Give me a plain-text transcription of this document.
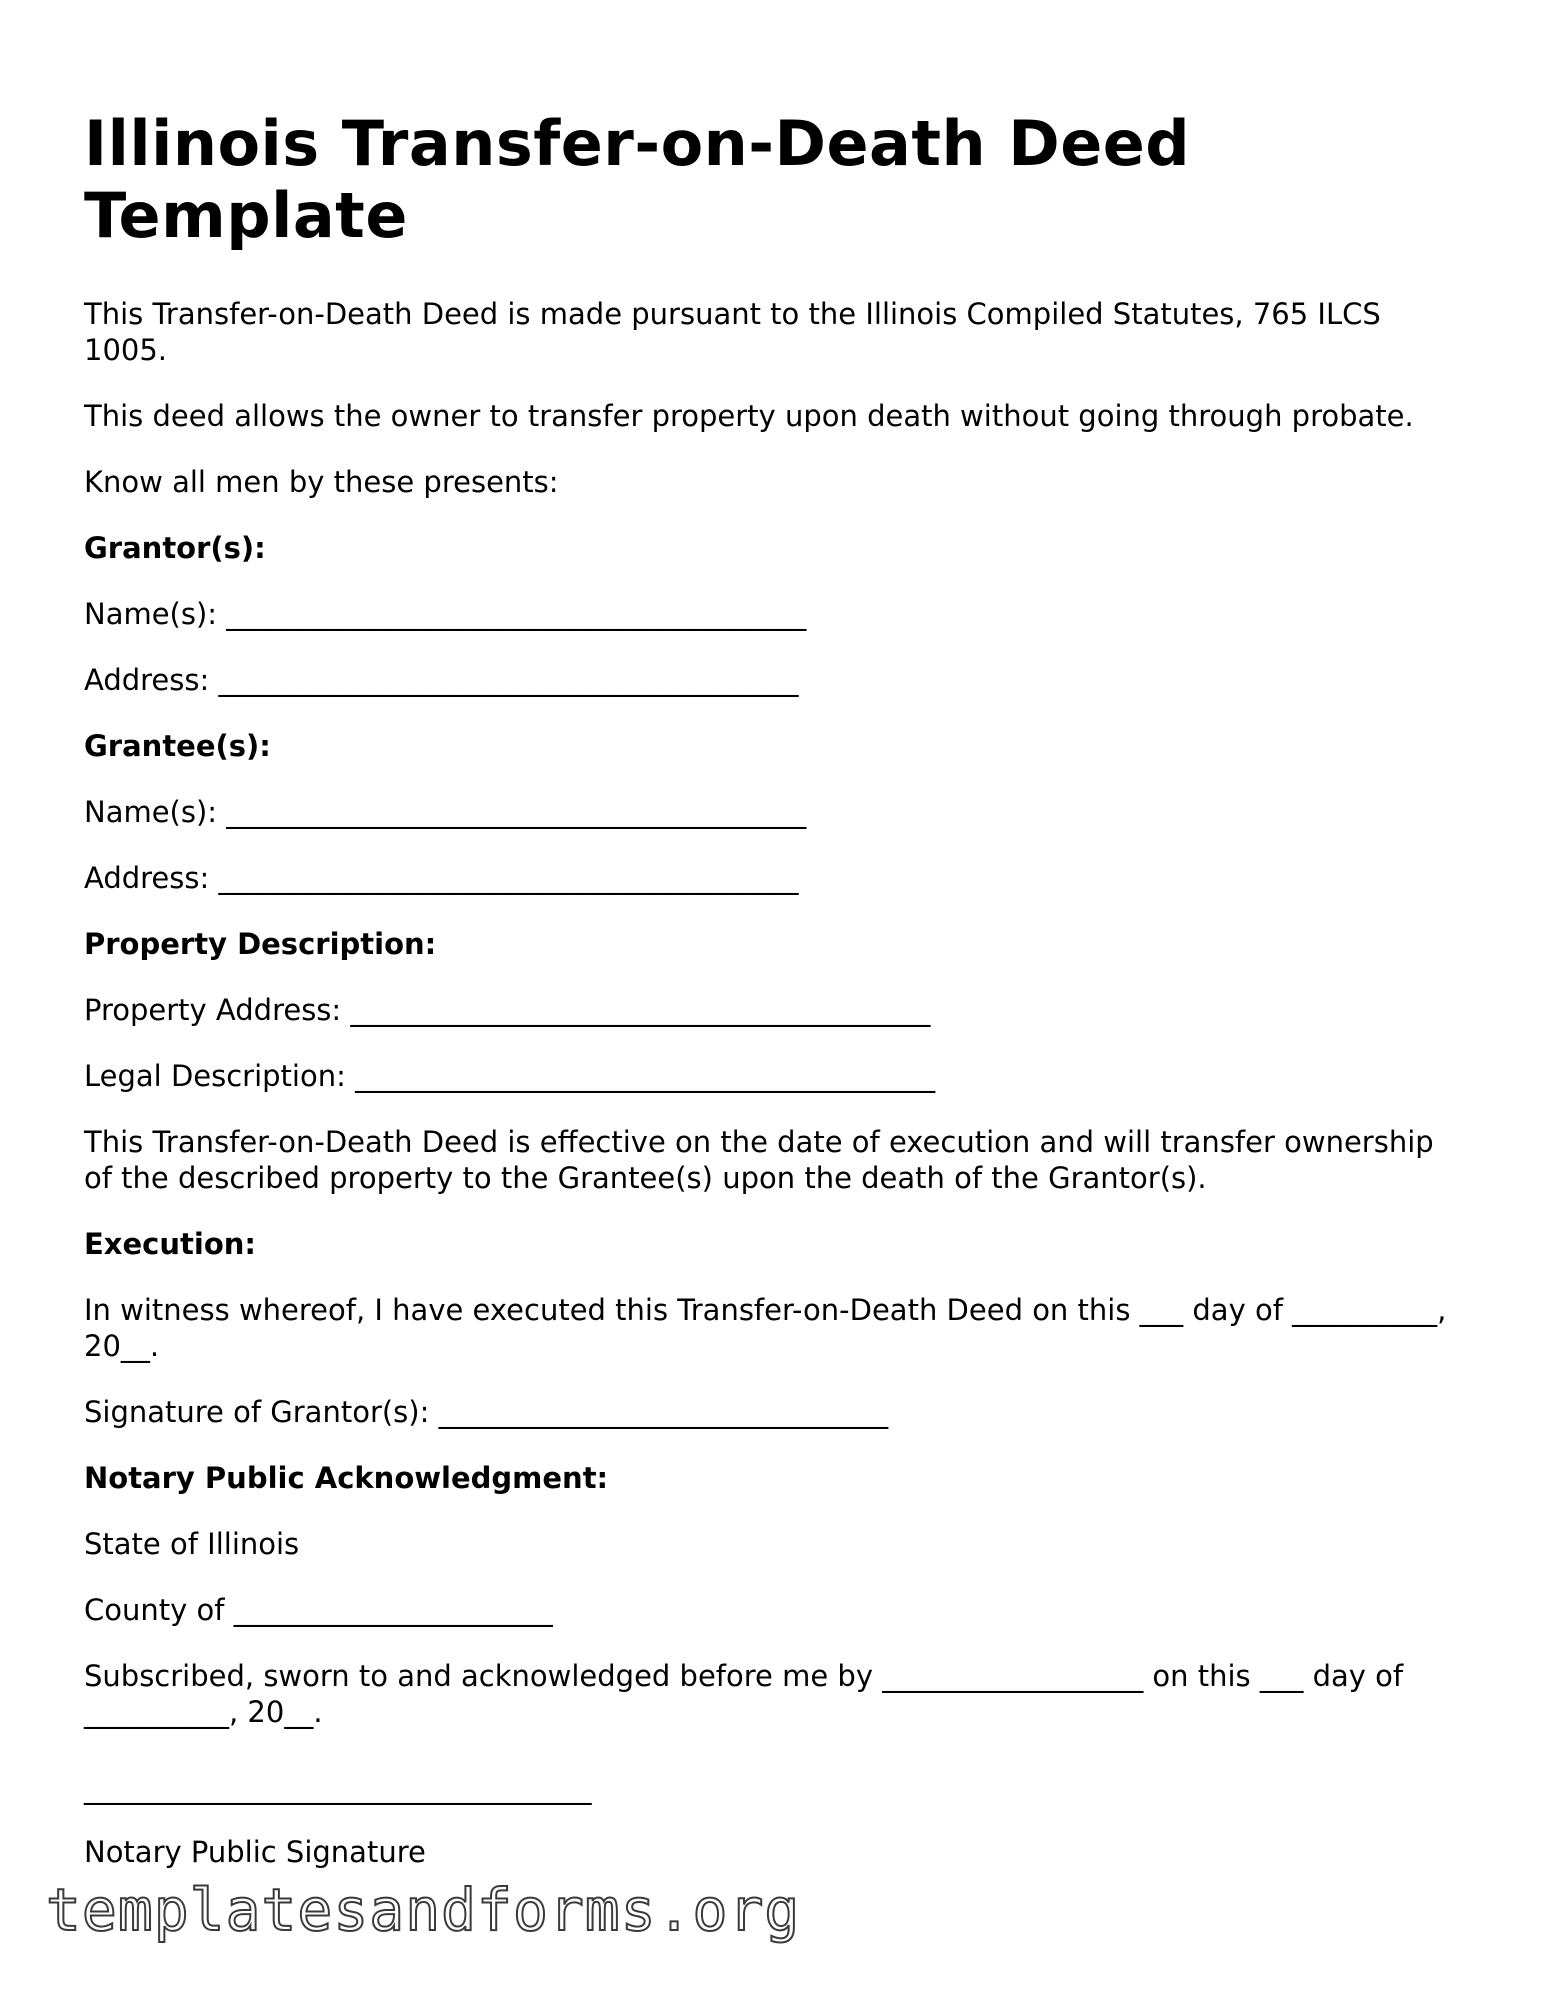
Illinois Transfer-on-Death Deed Template

This Transfer-on-Death Deed is made pursuant to the Illinois Compiled Statutes, 765 ILCS 1005.

This deed allows the owner to transfer property upon death without going through probate.

Know all men by these presents:

Grantor(s):

Name(s): ________________________________________

Address: ________________________________________

Grantee(s):

Name(s): ________________________________________

Address: ________________________________________

Property Description:

Property Address: ________________________________________

Legal Description: ________________________________________

This Transfer-on-Death Deed is effective on the date of execution and will transfer ownership of the described property to the Grantee(s) upon the death of the Grantor(s).

Execution:

In witness whereof, I have executed this Transfer-on-Death Deed on this ___ day of __________, 20__.

Signature of Grantor(s): _______________________________

Notary Public Acknowledgment:

State of Illinois

County of ______________________

Subscribed, sworn to and acknowledged before me by __________________ on this ___ day of __________, 20__.

___________________________________

Notary Public Signature

templatesandforms.org
